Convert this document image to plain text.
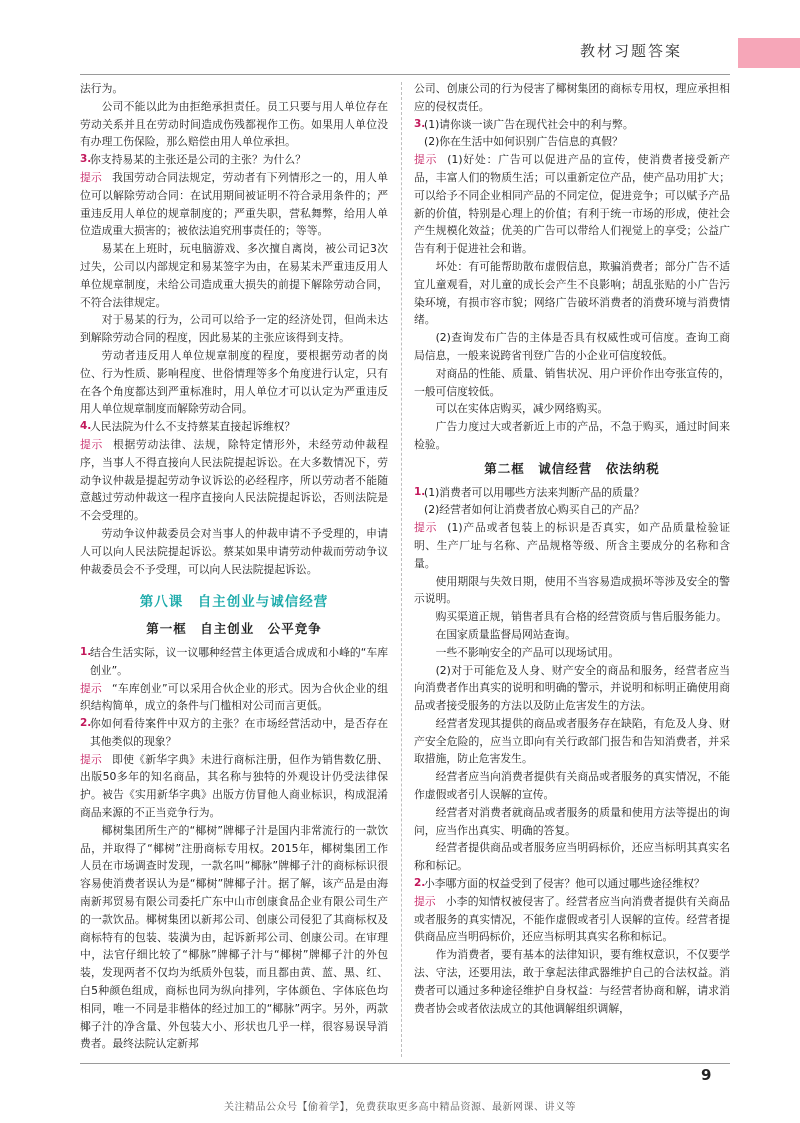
教材习题答案

法行为。

公司不能以此为由拒绝承担责任。员工只要与用人单位存在劳动关系并且在劳动时间造成伤残都视作工伤。如果用人单位没有办理工伤保险，那么赔偿由用人单位承担。

3.
你支持易某的主张还是公司的主张？为什么？

提示 我国劳动合同法规定，劳动者有下列情形之一的，用人单位可以解除劳动合同：在试用期间被证明不符合录用条件的；严重违反用人单位的规章制度的；严重失职，营私舞弊，给用人单位造成重大损害的；被依法追究刑事责任的；等等。

易某在上班时，玩电脑游戏、多次擅自离岗，被公司记3次过失，公司以内部规定和易某签字为由，在易某未严重违反用人单位规章制度，未给公司造成重大损失的前提下解除劳动合同，不符合法律规定。

对于易某的行为，公司可以给予一定的经济处罚，但尚未达到解除劳动合同的程度，因此易某的主张应该得到支持。

劳动者违反用人单位规章制度的程度，要根据劳动者的岗位、行为性质、影响程度、世俗情理等多个角度进行认定，只有在各个角度都达到严重标准时，用人单位才可以认定为严重违反用人单位规章制度而解除劳动合同。

4.
人民法院为什么不支持蔡某直接起诉维权？

提示 根据劳动法律、法规，除特定情形外，未经劳动仲裁程序，当事人不得直接向人民法院提起诉讼。在大多数情况下，劳动争议仲裁是提起劳动争议诉讼的必经程序，所以劳动者不能随意越过劳动仲裁这一程序直接向人民法院提起诉讼，否则法院是不会受理的。

劳动争议仲裁委员会对当事人的仲裁申请不予受理的，申请人可以向人民法院提起诉讼。蔡某如果申请劳动仲裁而劳动争议仲裁委员会不予受理，可以向人民法院提起诉讼。

第八课　自主创业与诚信经营
第一框　自主创业　公平竞争

1.
结合生活实际，议一议哪种经营主体更适合成成和小峰的“车库创业”。

提示 “车库创业”可以采用合伙企业的形式。因为合伙企业的组织结构简单，成立的条件与门槛相对公司而言更低。

2.
你如何看待案件中双方的主张？在市场经营活动中，是否存在其他类似的现象？

提示 即使《新华字典》未进行商标注册，但作为销售数亿册、出版50多年的知名商品，其名称与独特的外观设计仍受法律保护。被告《实用新华字典》出版方仿冒他人商业标识，构成混淆商品来源的不正当竞争行为。

椰树集团所生产的“椰树”牌椰子汁是国内非常流行的一款饮品，并取得了“椰树”注册商标专用权。2015年，椰树集团工作人员在市场调查时发现，一款名叫“椰脉”牌椰子汁的商标标识很容易使消费者误认为是“椰树”牌椰子汁。据了解，该产品是由海南新邦贸易有限公司委托广东中山市创康食品企业有限公司生产的一款饮品。椰树集团以新邦公司、创康公司侵犯了其商标权及商标特有的包装、装潢为由，起诉新邦公司、创康公司。在审理中，法官仔细比较了“椰脉”牌椰子汁与“椰树”牌椰子汁的外包装，发现两者不仅均为纸质外包装，而且都由黄、蓝、黑、红、白5种颜色组成，商标也同为纵向排列，字体颜色、字体底色均相同，唯一不同是非楷体的经过加工的“椰脉”两字。另外，两款椰子汁的净含量、外包装大小、形状也几乎一样，很容易误导消费者。最终法院认定新邦

公司、创康公司的行为侵害了椰树集团的商标专用权，理应承担相应的侵权责任。

3.
(1)请你谈一谈广告在现代社会中的利与弊。

(2)你在生活中如何识别广告信息的真假？

提示 (1)好处：广告可以促进产品的宣传，使消费者接受新产品，丰富人们的物质生活；可以重新定位产品，使产品功用扩大；可以给予不同企业相同产品的不同定位，促进竞争；可以赋予产品新的价值，特别是心理上的价值；有利于统一市场的形成，使社会产生规模化效益；优美的广告可以带给人们视觉上的享受；公益广告有利于促进社会和谐。

坏处：有可能帮助散布虚假信息，欺骗消费者；部分广告不适宜儿童观看，对儿童的成长会产生不良影响；胡乱张贴的小广告污染环境，有损市容市貌；网络广告破坏消费者的消费环境与消费情绪。

(2)查询发布广告的主体是否具有权威性或可信度。查询工商局信息，一般来说跨省刊登广告的小企业可信度较低。

对商品的性能、质量、销售状况、用户评价作出夸张宣传的，一般可信度较低。

可以在实体店购买，减少网络购买。

广告力度过大或者新近上市的产品，不急于购买，通过时间来检验。

第二框　诚信经营　依法纳税

1.
(1)消费者可以用哪些方法来判断产品的质量？

(2)经营者如何让消费者放心购买自己的产品？

提示 (1)产品或者包装上的标识是否真实，如产品质量检验证明、生产厂址与名称、产品规格等级、所含主要成分的名称和含量。

使用期限与失效日期，使用不当容易造成损坏等涉及安全的警示说明。

购买渠道正规，销售者具有合格的经营资质与售后服务能力。

在国家质量监督局网站查询。

一些不影响安全的产品可以现场试用。

(2)对于可能危及人身、财产安全的商品和服务，经营者应当向消费者作出真实的说明和明确的警示，并说明和标明正确使用商品或者接受服务的方法以及防止危害发生的方法。

经营者发现其提供的商品或者服务存在缺陷，有危及人身、财产安全危险的，应当立即向有关行政部门报告和告知消费者，并采取措施，防止危害发生。

经营者应当向消费者提供有关商品或者服务的真实情况，不能作虚假或者引人误解的宣传。

经营者对消费者就商品或者服务的质量和使用方法等提出的询问，应当作出真实、明确的答复。

经营者提供商品或者服务应当明码标价，还应当标明其真实名称和标记。

2.
小李哪方面的权益受到了侵害？他可以通过哪些途径维权？

提示 小李的知情权被侵害了。经营者应当向消费者提供有关商品或者服务的真实情况，不能作虚假或者引人误解的宣传。经营者提供商品应当明码标价，还应当标明其真实名称和标记。

作为消费者，要有基本的法律知识，要有维权意识，不仅要学法、守法，还要用法，敢于拿起法律武器维护自己的合法权益。消费者可以通过多种途径维护自身权益：与经营者协商和解，请求消费者协会或者依法成立的其他调解组织调解，

9
关注精品公众号【偷着学】，免费获取更多高中精品资源、最新网课、讲义等
